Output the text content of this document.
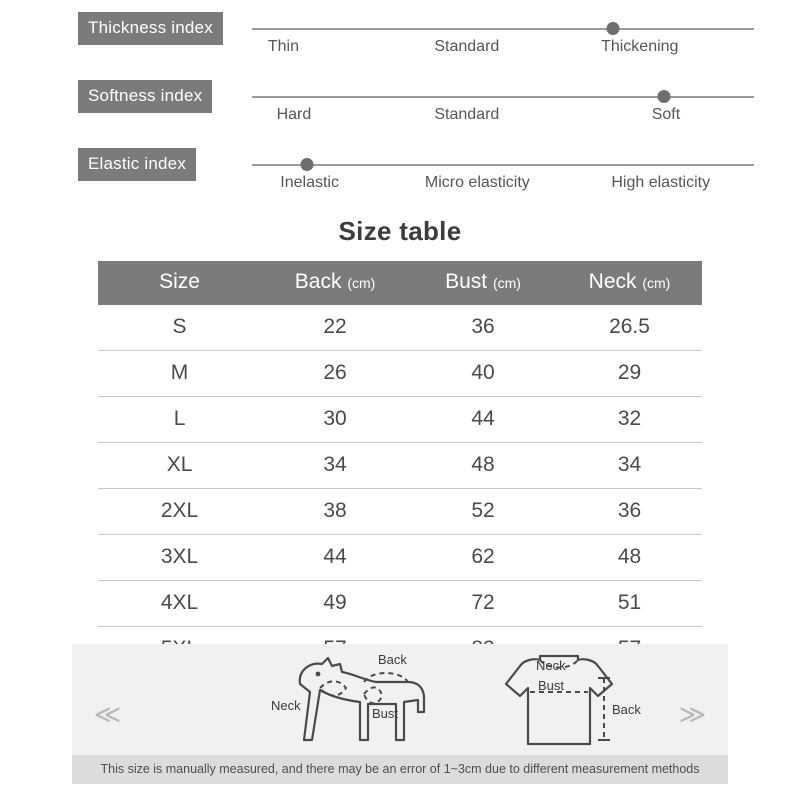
Thickness index
Thin	Standard	Thickening
Softness index
Hard	Standard	Soft
Elastic index
Inelastic	Micro elasticity	High elasticity
Size table
Size	Back (cm)	Bust (cm)	Neck (cm)
S	22	36	26.5
M	26	40	29
L	30	44	32
XL	34	48	34
2XL	38	52	36
3XL	44	62	48
4XL	49	72	51

≪	≫
Back
Neck
Bust
Neck
Bust
Back
This size is manually measured, and there may be an error of 1~3cm due to different measurement methods
